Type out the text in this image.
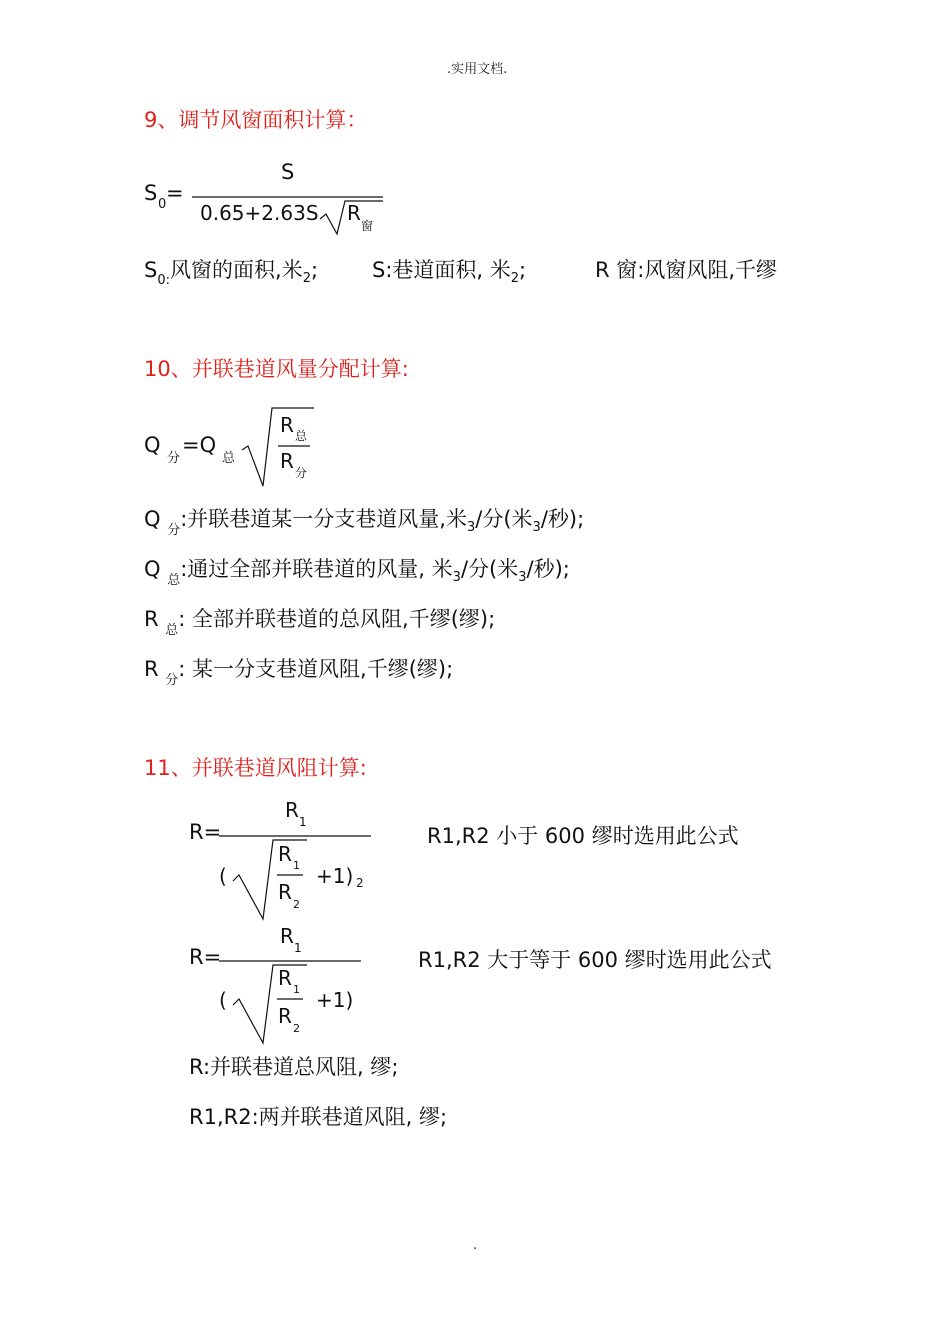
.实用文档.
9、调节风窗面积计算：
S 0 =
S
0.65+2.63S R
窗
$S_{0:}$风窗的面积,米$_2$;	S:巷道面积, 米$_2$;	R 窗:风窗风阻,千缪
10、并联巷道风量分配计算:
Q
分
=Q
总
R 总
R 分
Q $_分$:并联巷道某一分支巷道风量,米$_3$/分(米$_3$/秒);
Q $_总$:通过全部并联巷道的风量, 米$_3$/分(米$_3$/秒);
R $_总$: 全部并联巷道的总风阻,千缪(缪);
R $_分$: 某一分支巷道风阻,千缪(缪);
11、并联巷道风阻计算:
R=
R 1
(
R 1
R
2
+1) 2
R1,R2 小于 600 缪时选用此公式
R=
R 1
(
R 1
R
2
+1)
R1,R2 大于等于 600 缪时选用此公式
R:并联巷道总风阻, 缪;
R1,R2:两并联巷道风阻, 缪;
.
